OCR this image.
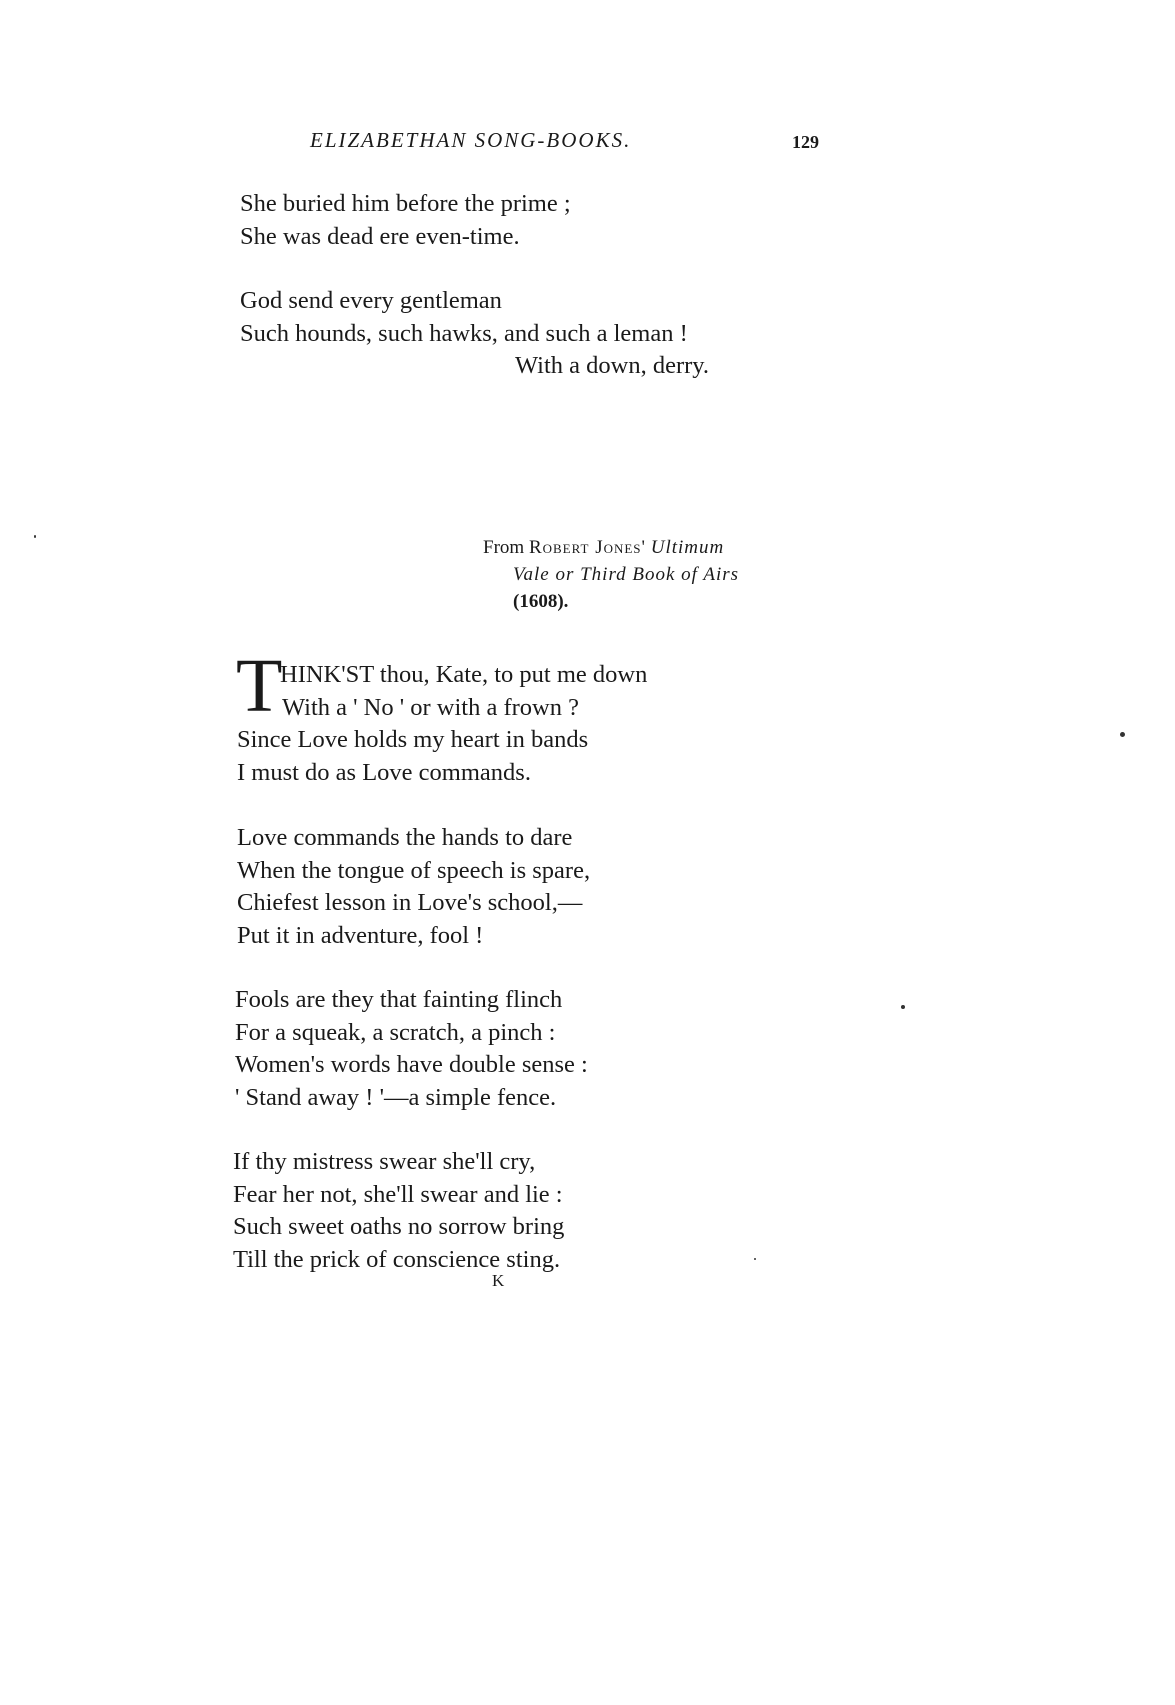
ELIZABETHAN SONG-BOOKS.	129
She buried him before the prime ;
She was dead ere even-time.
God send every gentleman
Such hounds, such hawks, and such a leman !
With a down, derry.
From Robert Jones' Ultimum
Vale or Third Book of Airs
(1608).
T
HINK'ST thou, Kate, to put me down
With a ' No ' or with a frown ?
Since Love holds my heart in bands
I must do as Love commands.
Love commands the hands to dare
When the tongue of speech is spare,
Chiefest lesson in Love's school,—
Put it in adventure, fool !
Fools are they that fainting flinch
For a squeak, a scratch, a pinch :
Women's words have double sense :
' Stand away ! '—a simple fence.
If thy mistress swear she'll cry,
Fear her not, she'll swear and lie :
Such sweet oaths no sorrow bring
Till the prick of conscience sting.
K
